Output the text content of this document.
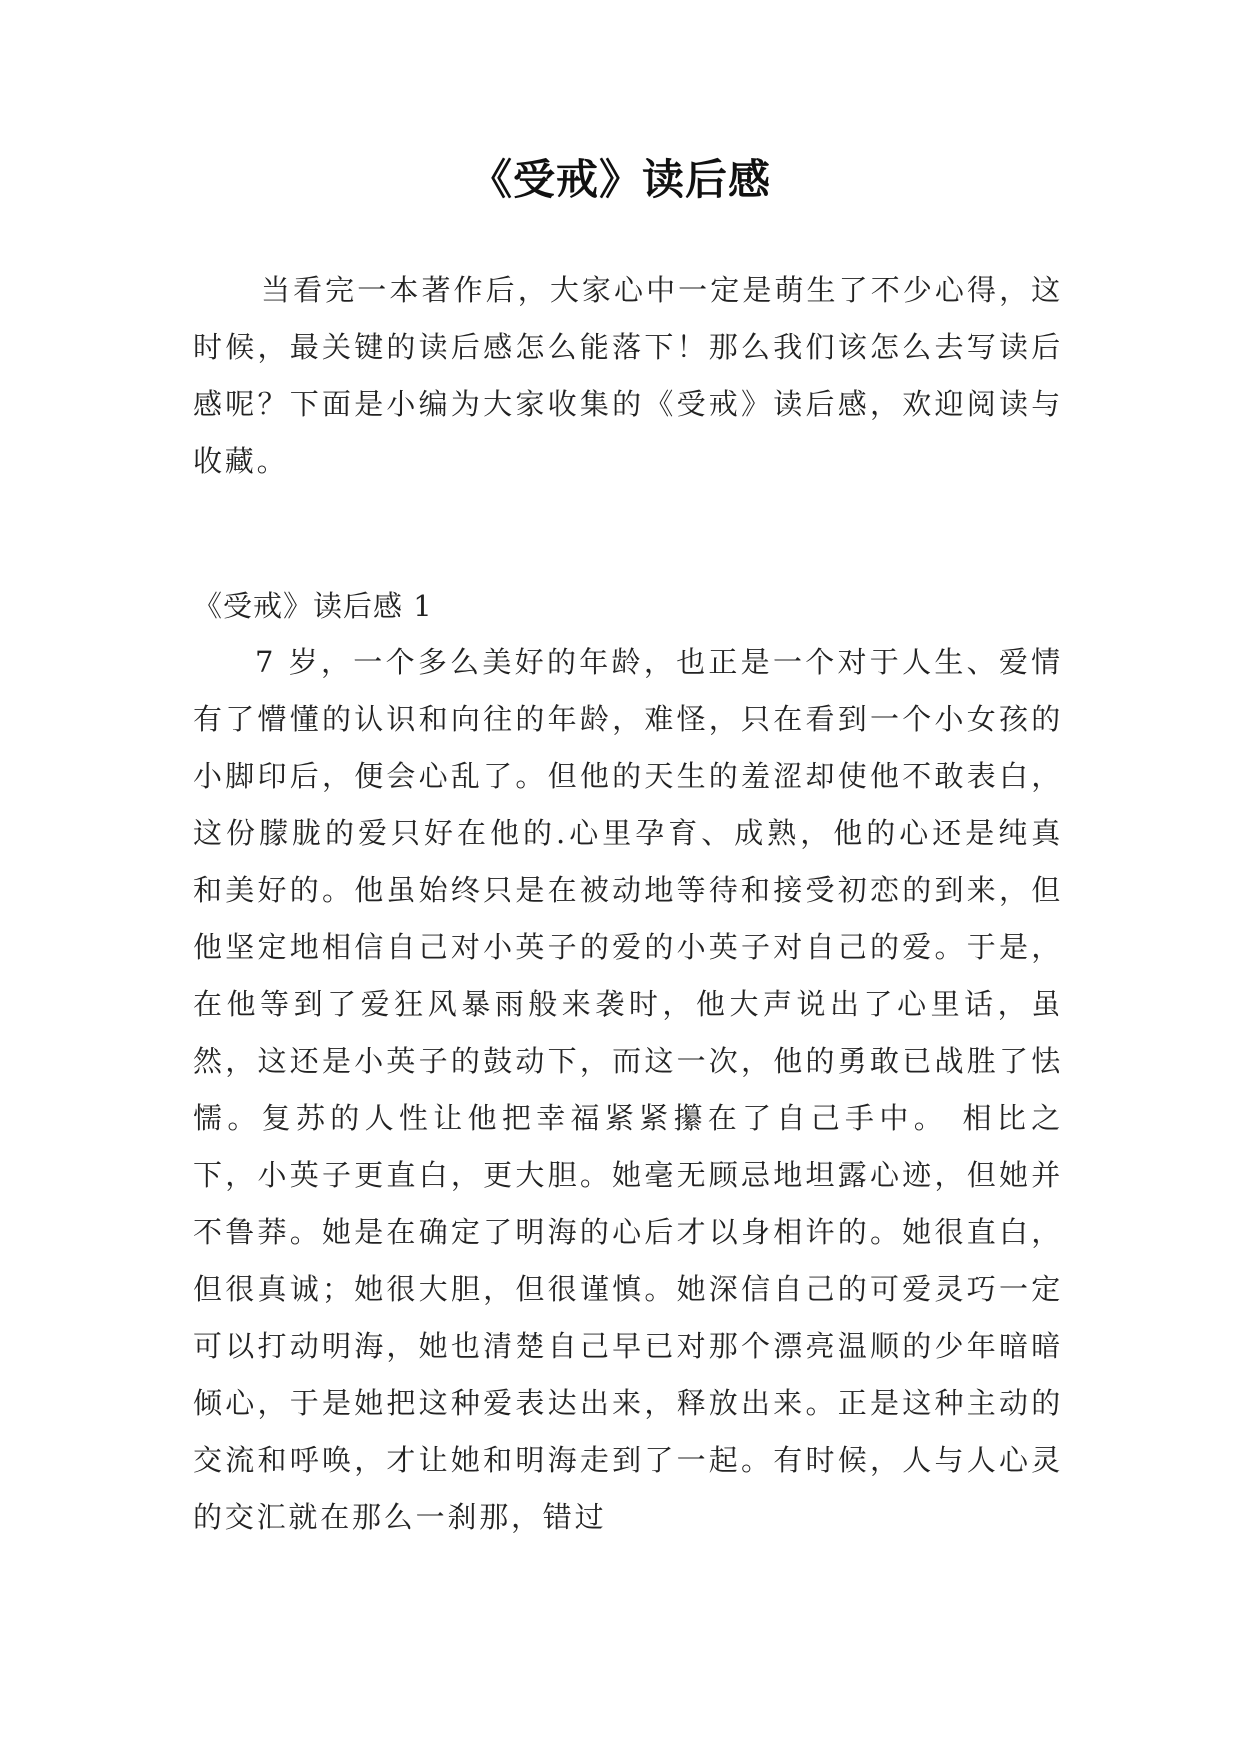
《受戒》读后感
当看完一本著作后，大家心中一定是萌生了不少心得，这时候，最关键的读后感怎么能落下！那么我们该怎么去写读后感呢？下面是小编为大家收集的《受戒》读后感，欢迎阅读与收藏。
《受戒》读后感 1
7 岁，一个多么美好的年龄，也正是一个对于人生、爱情有了懵懂的认识和向往的年龄，难怪，只在看到一个小女孩的小脚印后，便会心乱了。但他的天生的羞涩却使他不敢表白，这份朦胧的爱只好在他的.心里孕育、成熟，他的心还是纯真和美好的。他虽始终只是在被动地等待和接受初恋的到来，但他坚定地相信自己对小英子的爱的小英子对自己的爱。于是，在他等到了爱狂风暴雨般来袭时，他大声说出了心里话，虽然，这还是小英子的鼓动下，而这一次，他的勇敢已战胜了怯懦。复苏的人性让他把幸福紧紧攥在了自己手中。 相比之下，小英子更直白，更大胆。她毫无顾忌地坦露心迹，但她并不鲁莽。她是在确定了明海的心后才以身相许的。她很直白，但很真诚；她很大胆，但很谨慎。她深信自己的可爱灵巧一定可以打动明海，她也清楚自己早已对那个漂亮温顺的少年暗暗倾心，于是她把这种爱表达出来，释放出来。正是这种主动的交流和呼唤，才让她和明海走到了一起。有时候，人与人心灵的交汇就在那么一刹那，错过
